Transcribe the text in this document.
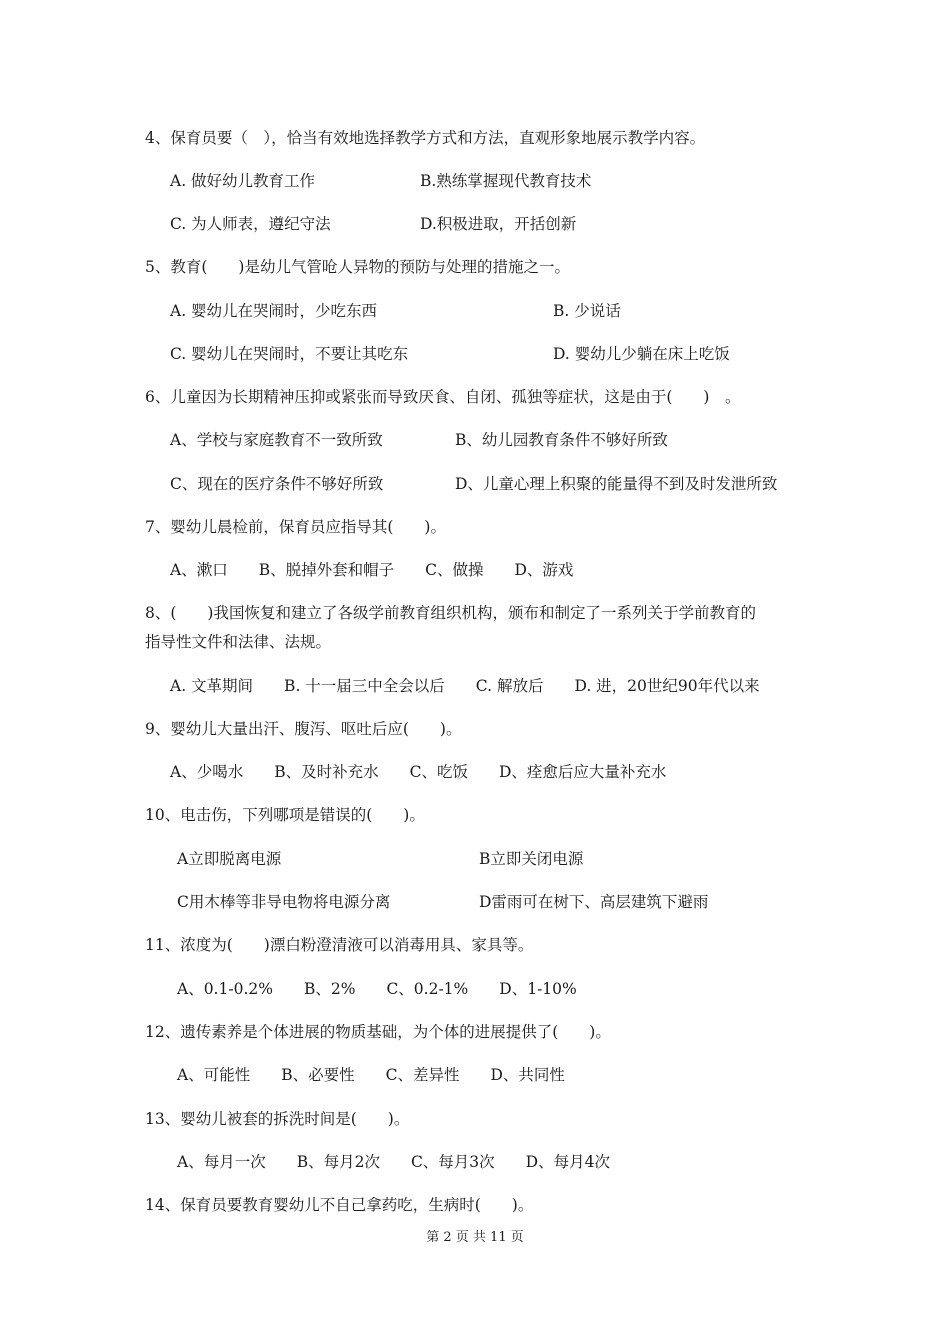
4、保育员要（　），恰当有效地选择教学方式和方法，直观形象地展示教学内容。
A. 做好幼儿教育工作	B.熟练掌握现代教育技术
C. 为人师表，遵纪守法	D.积极进取，开括创新
5、教育(　　)是幼儿气管呛人异物的预防与处理的措施之一。
A. 婴幼儿在哭闹时，少吃东西	B. 少说话
C. 婴幼儿在哭闹时，不要让其吃东	D. 婴幼儿少躺在床上吃饭
6、儿童因为长期精神压抑或紧张而导致厌食、自闭、孤独等症状，这是由于(　　)　。
A、学校与家庭教育不一致所致	B、幼儿园教育条件不够好所致
C、现在的医疗条件不够好所致	D、儿童心理上积聚的能量得不到及时发泄所致
7、婴幼儿晨检前，保育员应指导其(　　)。
A、漱口　　B、脱掉外套和帽子　　C、做操　　D、游戏
8、(　　)我国恢复和建立了各级学前教育组织机构，颁布和制定了一系列关于学前教育的
指导性文件和法律、法规。
A. 文革期间　　B. 十一届三中全会以后　　C. 解放后　　D. 进，20世纪90年代以来
9、婴幼儿大量出汗、腹泻、呕吐后应(　　)。
A、少喝水　　B、及时补充水　　C、吃饭　　D、痊愈后应大量补充水
10、电击伤，下列哪项是错误的(　　)。
A立即脱离电源	B立即关闭电源
C用木棒等非导电物将电源分离	D雷雨可在树下、高层建筑下避雨
11、浓度为(　　)漂白粉澄清液可以消毒用具、家具等。
A、0.1-0.2%　　B、2%　　C、0.2-1%　　D、1-10%
12、遗传素养是个体进展的物质基础，为个体的进展提供了(　　)。
A、可能性　　B、必要性　　C、差异性　　D、共同性
13、婴幼儿被套的拆洗时间是(　　)。
A、每月一次　　B、每月2次　　C、每月3次　　D、每月4次
14、保育员要教育婴幼儿不自己拿药吃，生病时(　　)。
第 2 页 共 11 页
